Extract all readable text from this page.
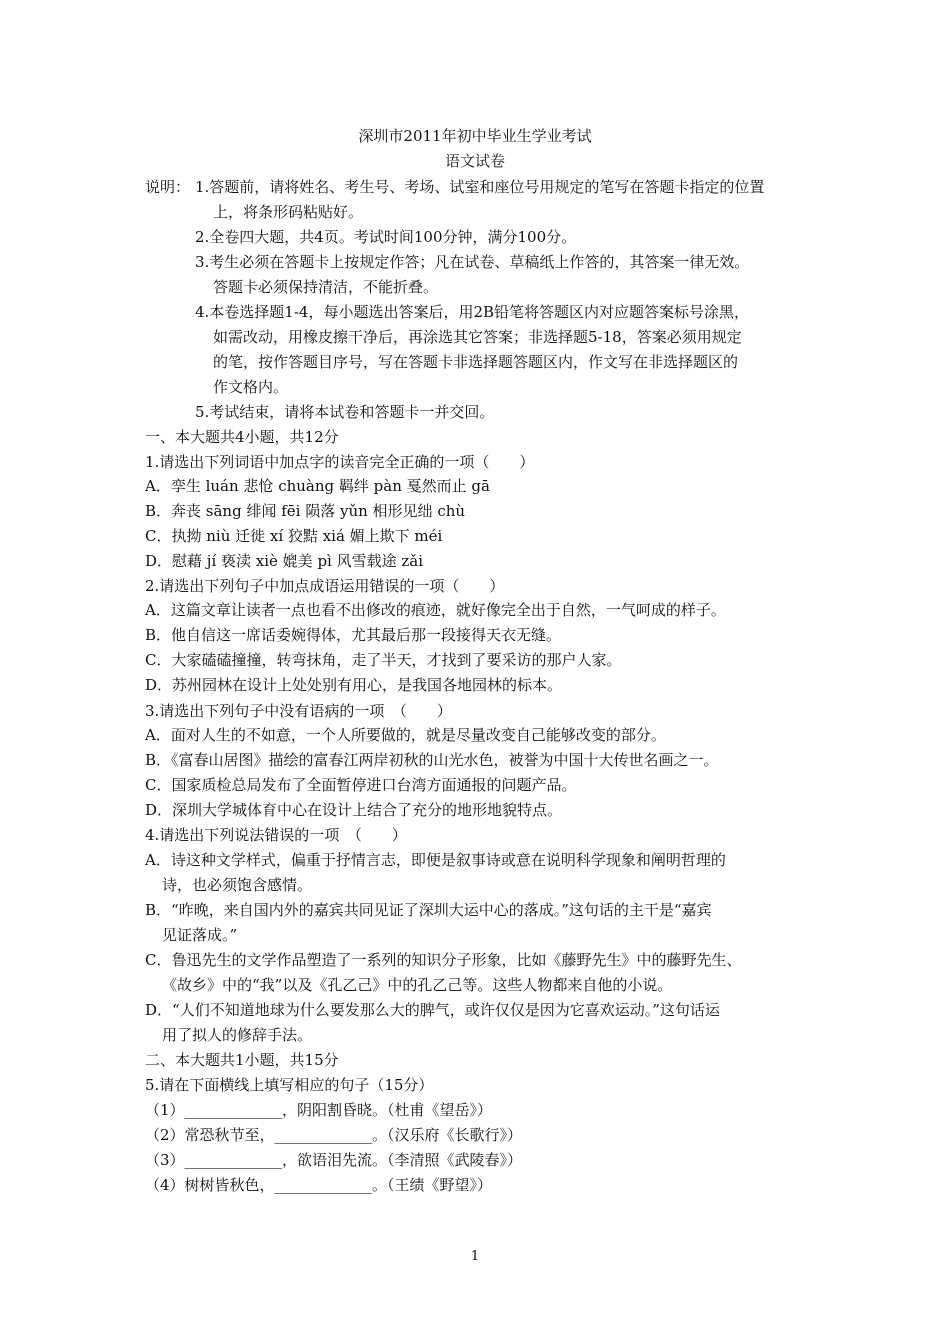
深圳市2011年初中毕业生学业考试
语文试卷
说明： 1.答题前，请将姓名、考生号、考场、试室和座位号用规定的笔写在答题卡指定的位置
上，将条形码粘贴好。
2.全卷四大题，共4页。考试时间100分钟，满分100分。
3.考生必须在答题卡上按规定作答；凡在试卷、草稿纸上作答的，其答案一律无效。
答题卡必须保持清洁，不能折叠。
4.本卷选择题1-4，每小题选出答案后，用2B铅笔将答题区内对应题答案标号涂黑，
如需改动，用橡皮擦干净后，再涂选其它答案；非选择题5-18，答案必须用规定
的笔，按作答题目序号，写在答题卡非选择题答题区内，作文写在非选择题区的
作文格内。
5.考试结束，请将本试卷和答题卡一并交回。
一、本大题共4小题，共12分
1.请选出下列词语中加点字的读音完全正确的一项（　　）
A．孪生 luán 悲怆 chuàng 羁绊 pàn 戛然而止 gā
B．奔丧 sāng 绯闻 fēi 陨落 yǔn 相形见绌 chù
C．执拗 niù 迁徙 xí 狡黠 xiá 媚上欺下 méi
D．慰藉 jí 亵渎 xiè 媲美 pì 风雪载途 zǎi
2.请选出下列句子中加点成语运用错误的一项（　　）
A．这篇文章让读者一点也看不出修改的痕迹，就好像完全出于自然，一气呵成的样子。
B．他自信这一席话委婉得体，尤其最后那一段接得天衣无缝。
C．大家磕磕撞撞，转弯抹角，走了半天，才找到了要采访的那户人家。
D．苏州园林在设计上处处别有用心，是我国各地园林的标本。
3.请选出下列句子中没有语病的一项　（　　）
A．面对人生的不如意，一个人所要做的，就是尽量改变自己能够改变的部分。
B．《富春山居图》描绘的富春江两岸初秋的山光水色，被誉为中国十大传世名画之一。
C．国家质检总局发布了全面暂停进口台湾方面通报的问题产品。
D．深圳大学城体育中心在设计上结合了充分的地形地貌特点。
4.请选出下列说法错误的一项　（　　）
A．诗这种文学样式，偏重于抒情言志，即便是叙事诗或意在说明科学现象和阐明哲理的
诗，也必须饱含感情。
B．“昨晚，来自国内外的嘉宾共同见证了深圳大运中心的落成。”这句话的主干是“嘉宾
见证落成。”
C．鲁迅先生的文学作品塑造了一系列的知识分子形象，比如《藤野先生》中的藤野先生、
《故乡》中的“我”以及《孔乙己》中的孔乙己等。这些人物都来自他的小说。
D．“人们不知道地球为什么要发那么大的脾气，或许仅仅是因为它喜欢运动。”这句话运
用了拟人的修辞手法。
二、本大题共1小题，共15分
5.请在下面横线上填写相应的句子（15分）
（1）_____________，阴阳割昏晓。（杜甫《望岳》）
（2）常恐秋节至，_____________。（汉乐府《长歌行》）
（3）_____________，欲语泪先流。（李清照《武陵春》）
（4）树树皆秋色，_____________。（王绩《野望》）
1
